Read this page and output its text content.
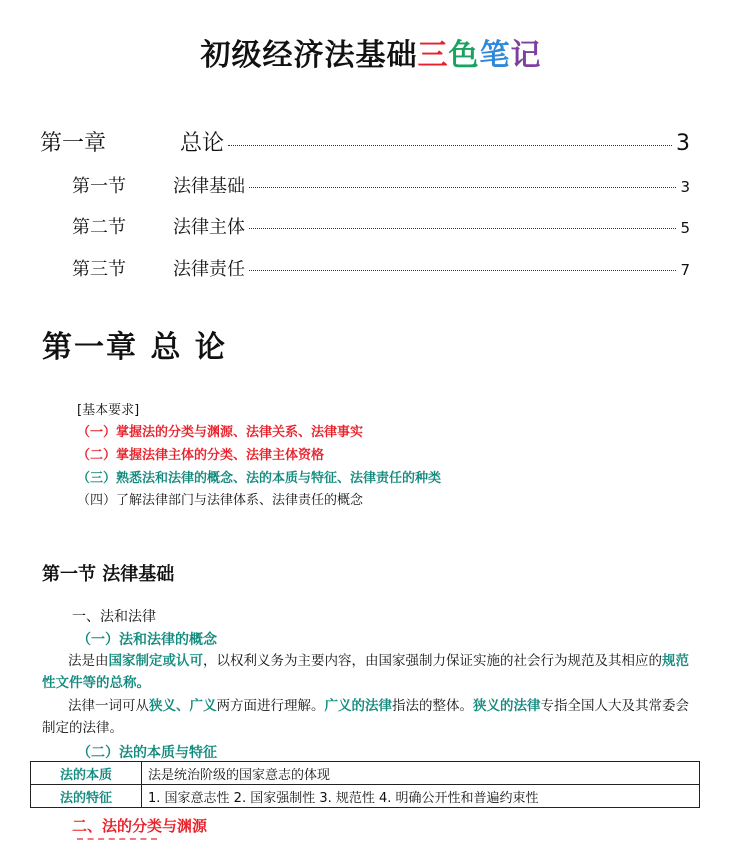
初级经济法基础三色笔记
第一章	总论	3
第一节	法律基础	3
第二节	法律主体	5
第三节	法律责任	7
第一章 总 论
[基本要求]
（一）掌握法的分类与渊源、法律关系、法律事实
（二）掌握法律主体的分类、法律主体资格
（三）熟悉法和法律的概念、法的本质与特征、法律责任的种类
（四）了解法律部门与法律体系、法律责任的概念
第一节 法律基础
一、法和法律
（一）法和法律的概念
法是由国家制定或认可，以权利义务为主要内容，由国家强制力保证实施的社会行为规范及其相应的规范性文件等的总称。
法律一词可从狭义、广义两方面进行理解。广义的法律指法的整体。狭义的法律专指全国人大及其常委会制定的法律。
（二）法的本质与特征
法的本质	法是统治阶级的国家意志的体现
法的特征	1. 国家意志性 2. 国家强制性 3. 规范性 4. 明确公开性和普遍约束性
二、法的分类与渊源
